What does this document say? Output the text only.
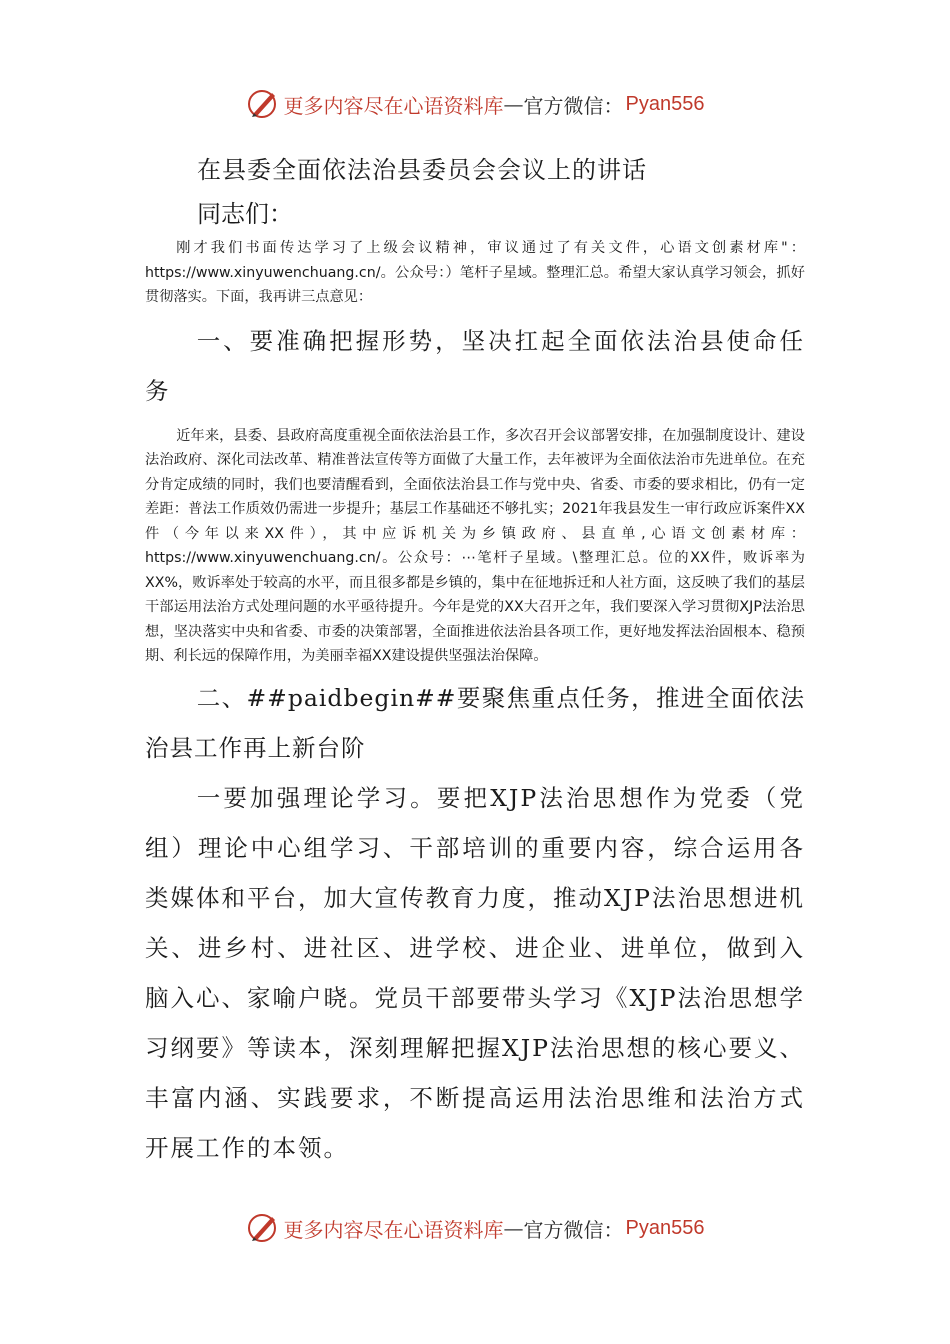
更多内容尽在心语资料库 — 官方微信： Pyan556

在县委全面依法治县委员会会议上的讲话

同志们：

刚才我们书面传达学习了上级会议精神，审议通过了有关文件，心语文创素材库"：https://www.xinyuwenchuang.cn/。公众号：）笔杆子星域。整理汇总。希望大家认真学习领会，抓好贯彻落实。下面，我再讲三点意见：

一、要准确把握形势，坚决扛起全面依法治县使命任务

近年来，县委、县政府高度重视全面依法治县工作，多次召开会议部署安排，在加强制度设计、建设法治政府、深化司法改革、精准普法宣传等方面做了大量工作，去年被评为全面依法治市先进单位。在充分肯定成绩的同时，我们也要清醒看到，全面依法治县工作与党中央、省委、市委的要求相比，仍有一定差距：普法工作质效仍需进一步提升；基层工作基础还不够扎实；2021年我县发生一审行政应诉案件XX件（今年以来XX件），其中应诉机关为乡镇政府、县直单,心语文创素材库：https://www.xinyuwenchuang.cn/。公众号：⋯笔杆子星域。\整理汇总。位的XX件，败诉率为XX%，败诉率处于较高的水平，而且很多都是乡镇的，集中在征地拆迁和人社方面，这反映了我们的基层干部运用法治方式处理问题的水平亟待提升。今年是党的XX大召开之年，我们要深入学习贯彻XJP法治思想，坚决落实中央和省委、市委的决策部署，全面推进依法治县各项工作，更好地发挥法治固根本、稳预期、利长远的保障作用，为美丽幸福XX建设提供坚强法治保障。

二、##paidbegin##要聚焦重点任务，推进全面依法治县工作再上新台阶

一要加强理论学习。要把XJP法治思想作为党委（党组）理论中心组学习、干部培训的重要内容，综合运用各类媒体和平台，加大宣传教育力度，推动XJP法治思想进机关、进乡村、进社区、进学校、进企业、进单位，做到入脑入心、家喻户晓。党员干部要带头学习《XJP法治思想学习纲要》等读本，深刻理解把握XJP法治思想的核心要义、丰富内涵、实践要求，不断提高运用法治思维和法治方式开展工作的本领。

更多内容尽在心语资料库 — 官方微信： Pyan556
